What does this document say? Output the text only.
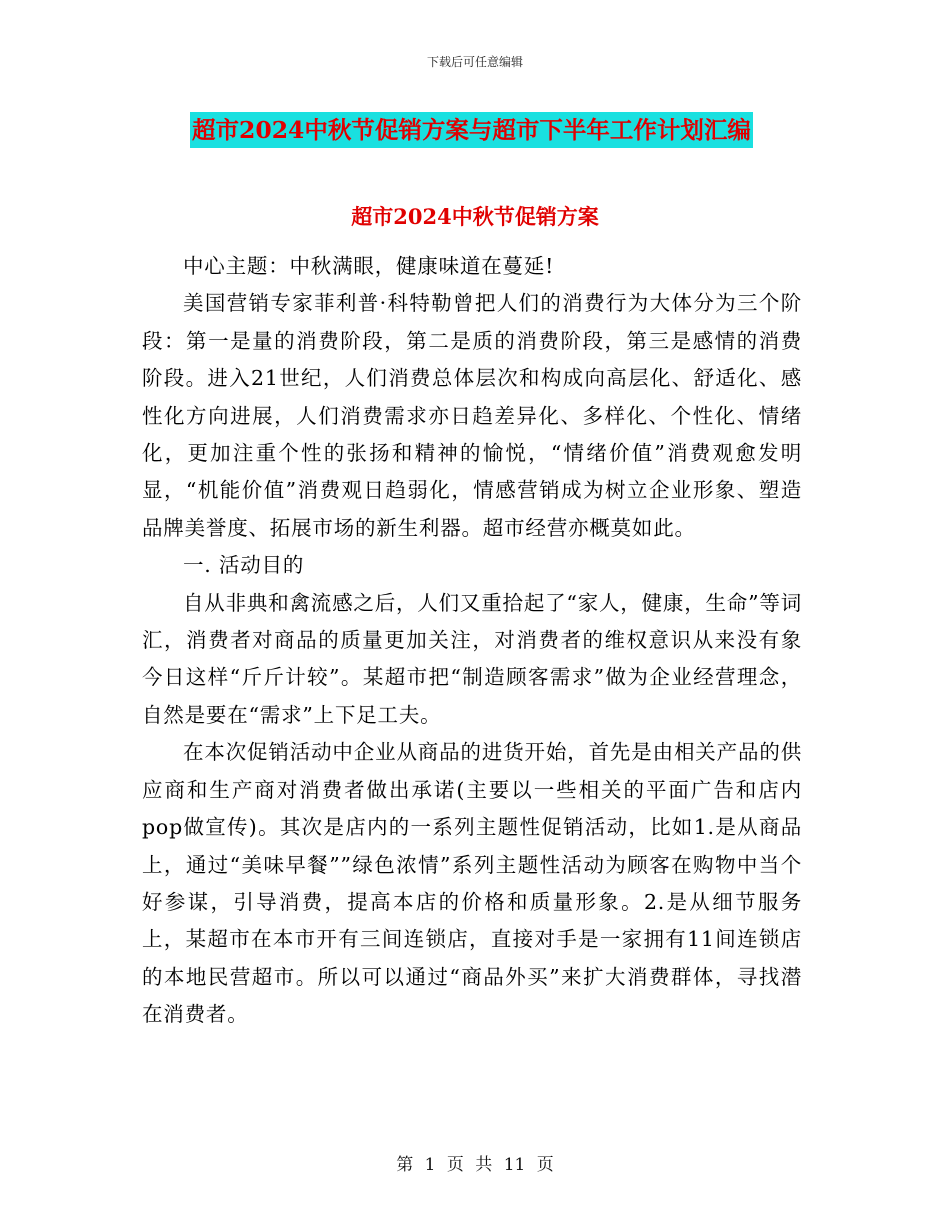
下载后可任意编辑
超市2024中秋节促销方案与超市下半年工作计划汇编
超市2024中秋节促销方案

中心主题：中秋满眼，健康味道在蔓延!

美国营销专家菲利普·科特勒曾把人们的消费行为大体分为三个阶段：第一是量的消费阶段，第二是质的消费阶段，第三是感情的消费阶段。进入21世纪，人们消费总体层次和构成向高层化、舒适化、感性化方向进展，人们消费需求亦日趋差异化、多样化、个性化、情绪化，更加注重个性的张扬和精神的愉悦，“情绪价值”消费观愈发明显，“机能价值”消费观日趋弱化，情感营销成为树立企业形象、塑造品牌美誉度、拓展市场的新生利器。超市经营亦概莫如此。

一. 活动目的

自从非典和禽流感之后，人们又重拾起了“家人，健康，生命”等词汇，消费者对商品的质量更加关注，对消费者的维权意识从来没有象今日这样“斤斤计较”。某超市把“制造顾客需求”做为企业经营理念，自然是要在“需求”上下足工夫。

在本次促销活动中企业从商品的进货开始，首先是由相关产品的供应商和生产商对消费者做出承诺(主要以一些相关的平面广告和店内pop做宣传)。其次是店内的一系列主题性促销活动，比如1.是从商品上，通过“美味早餐””绿色浓情”系列主题性活动为顾客在购物中当个好参谋，引导消费，提高本店的价格和质量形象。2.是从细节服务上，某超市在本市开有三间连锁店，直接对手是一家拥有11间连锁店的本地民营超市。所以可以通过“商品外买”来扩大消费群体，寻找潜在消费者。

第 1 页 共 11 页
